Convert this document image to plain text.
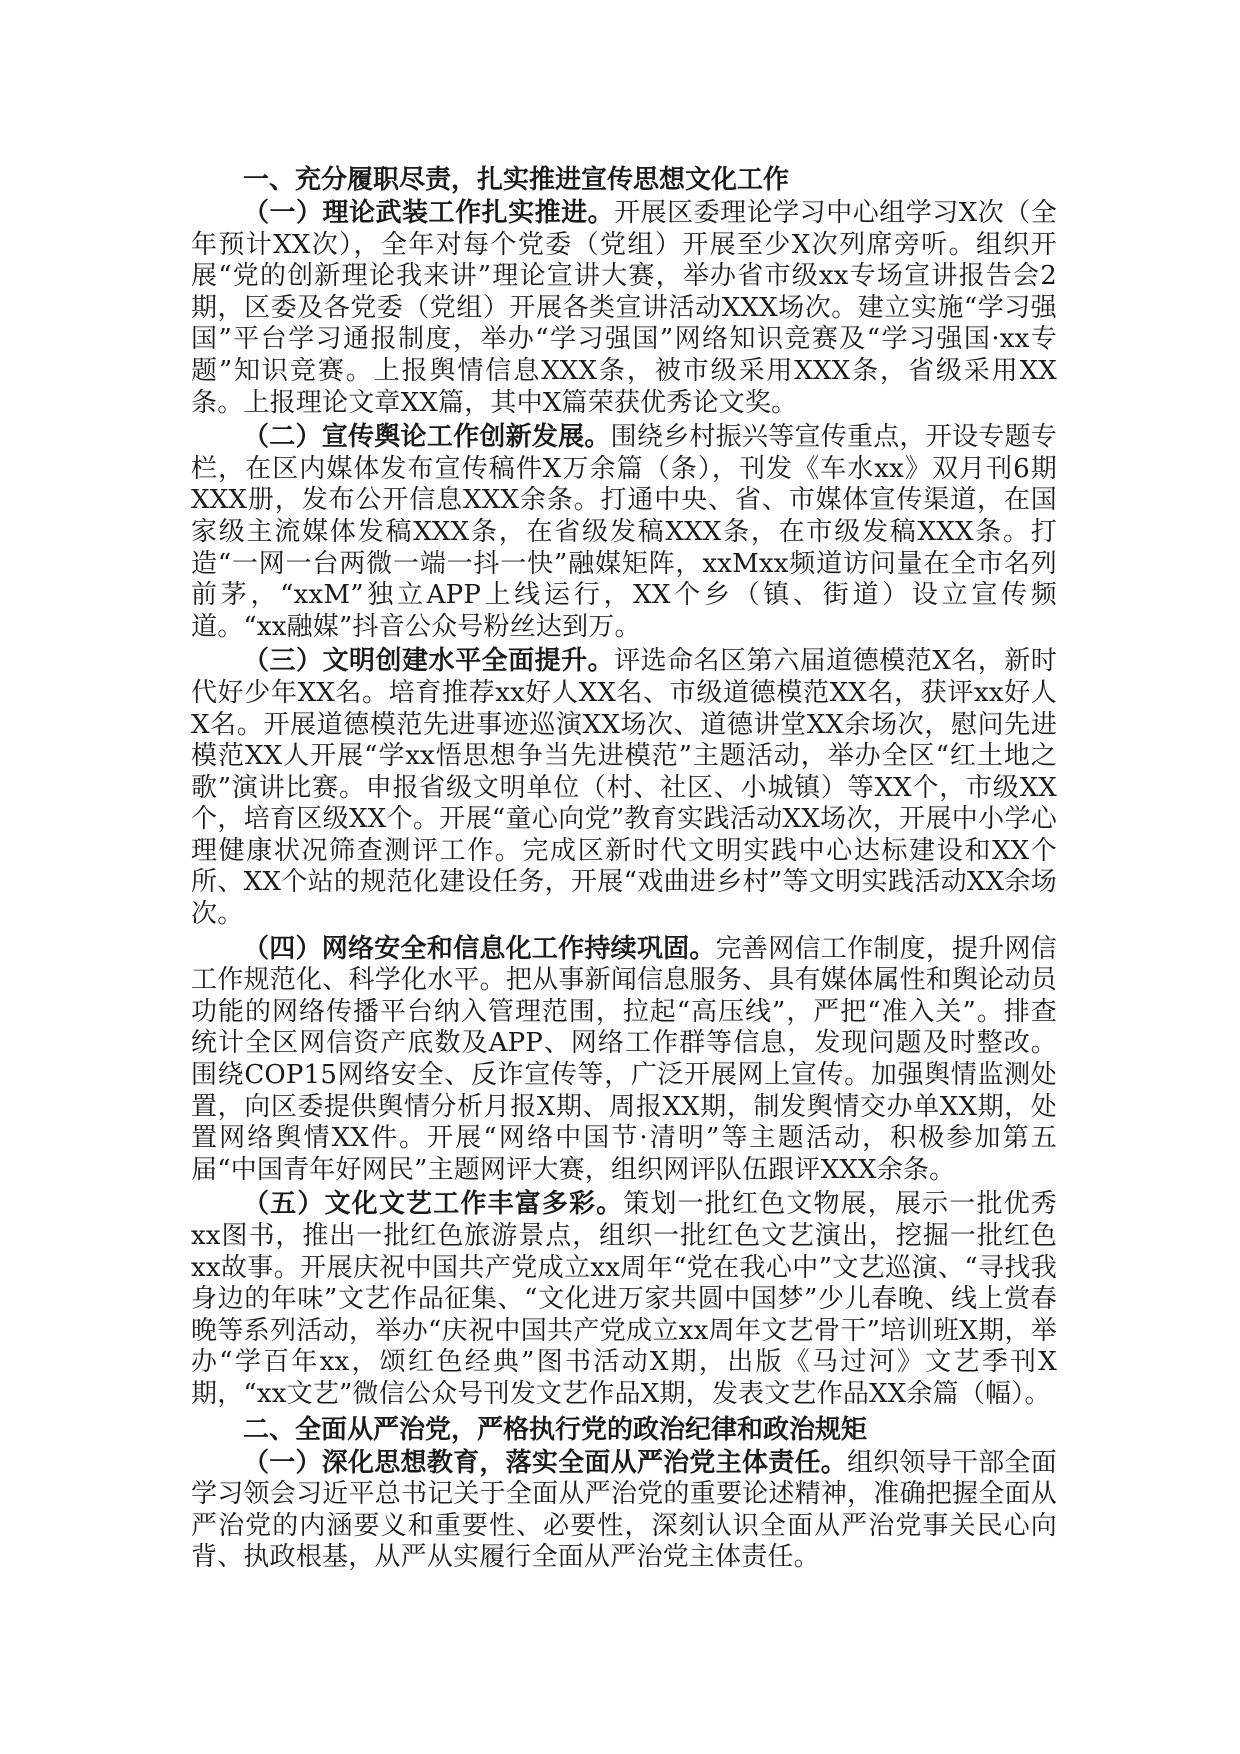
一、充分履职尽责，扎实推进宣传思想文化工作

（一）理论武装工作扎实推进。开展区委理论学习中心组学习X次（全年预计XX次），全年对每个党委（党组）开展至少X次列席旁听。组织开展“党的创新理论我来讲”理论宣讲大赛，举办省市级xx专场宣讲报告会2期，区委及各党委（党组）开展各类宣讲活动XXX场次。建立实施“学习强国”平台学习通报制度，举办“学习强国”网络知识竞赛及“学习强国·xx专题”知识竞赛。上报舆情信息XXX条，被市级采用XXX条，省级采用XX条。上报理论文章XX篇，其中X篇荣获优秀论文奖。

（二）宣传舆论工作创新发展。围绕乡村振兴等宣传重点，开设专题专栏，在区内媒体发布宣传稿件X万余篇（条），刊发《车水xx》双月刊6期XXX册，发布公开信息XXX余条。打通中央、省、市媒体宣传渠道，在国家级主流媒体发稿XXX条，在省级发稿XXX条，在市级发稿XXX条。打造“一网一台两微一端一抖一快”融媒矩阵，xxMxx频道访问量在全市名列前茅，“xxM”独立APP上线运行，XX个乡（镇、街道）设立宣传频道。“xx融媒”抖音公众号粉丝达到万。

（三）文明创建水平全面提升。评选命名区第六届道德模范X名，新时代好少年XX名。培育推荐xx好人XX名、市级道德模范XX名，获评xx好人X名。开展道德模范先进事迹巡演XX场次、道德讲堂XX余场次，慰问先进模范XX人开展“学xx悟思想争当先进模范”主题活动，举办全区“红土地之歌”演讲比赛。申报省级文明单位（村、社区、小城镇）等XX个，市级XX个，培育区级XX个。开展“童心向党”教育实践活动XX场次，开展中小学心理健康状况筛查测评工作。完成区新时代文明实践中心达标建设和XX个所、XX个站的规范化建设任务，开展“戏曲进乡村”等文明实践活动XX余场次。

（四）网络安全和信息化工作持续巩固。完善网信工作制度，提升网信工作规范化、科学化水平。把从事新闻信息服务、具有媒体属性和舆论动员功能的网络传播平台纳入管理范围，拉起“高压线”，严把“准入关”。排查统计全区网信资产底数及APP、网络工作群等信息，发现问题及时整改。围绕COP15网络安全、反诈宣传等，广泛开展网上宣传。加强舆情监测处置，向区委提供舆情分析月报X期、周报XX期，制发舆情交办单XX期，处置网络舆情XX件。开展“网络中国节·清明”等主题活动，积极参加第五届“中国青年好网民”主题网评大赛，组织网评队伍跟评XXX余条。

（五）文化文艺工作丰富多彩。策划一批红色文物展，展示一批优秀xx图书，推出一批红色旅游景点，组织一批红色文艺演出，挖掘一批红色xx故事。开展庆祝中国共产党成立xx周年“党在我心中”文艺巡演、“寻找我身边的年味”文艺作品征集、“文化进万家共圆中国梦”少儿春晚、线上赏春晚等系列活动，举办“庆祝中国共产党成立xx周年文艺骨干”培训班X期，举办“学百年xx，颂红色经典”图书活动X期，出版《马过河》文艺季刊X期，“xx文艺”微信公众号刊发文艺作品X期，发表文艺作品XX余篇（幅）。

二、全面从严治党，严格执行党的政治纪律和政治规矩

（一）深化思想教育，落实全面从严治党主体责任。组织领导干部全面学习领会习近平总书记关于全面从严治党的重要论述精神，准确把握全面从严治党的内涵要义和重要性、必要性，深刻认识全面从严治党事关民心向背、执政根基，从严从实履行全面从严治党主体责任。
